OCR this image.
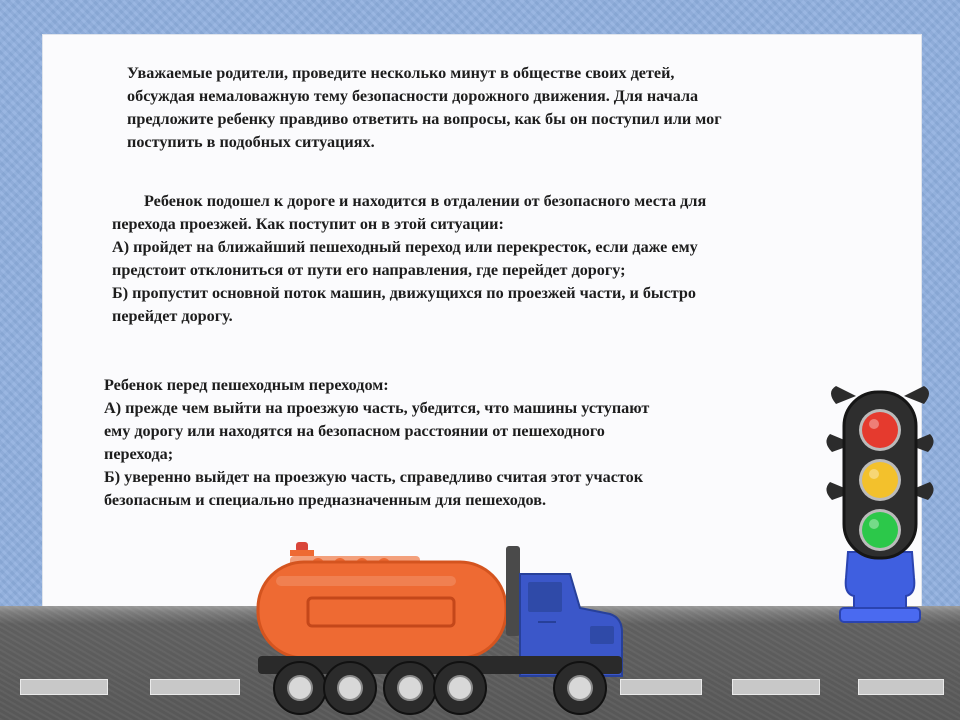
Уважаемые родители, проведите несколько минут в обществе своих детей,
обсуждая немаловажную тему безопасности дорожного движения. Для начала
предложите ребенку правдиво ответить на вопросы, как бы он поступил или мог
поступить в подобных ситуациях.
Ребенок подошел к дороге и находится в отдалении от безопасного места для
перехода проезжей. Как поступит он в этой ситуации:
А) пройдет на ближайший пешеходный переход или перекресток, если даже ему
предстоит отклониться от пути его направления, где перейдет дорогу;
Б) пропустит основной поток машин, движущихся по проезжей части, и быстро
перейдет дорогу.
Ребенок перед пешеходным переходом:
А) прежде чем выйти на проезжую часть, убедится, что машины уступают
ему дорогу или находятся на безопасном расстоянии от пешеходного
перехода;
Б) уверенно выйдет на проезжую часть, справедливо считая этот участок
безопасным и специально предназначенным для пешеходов.
